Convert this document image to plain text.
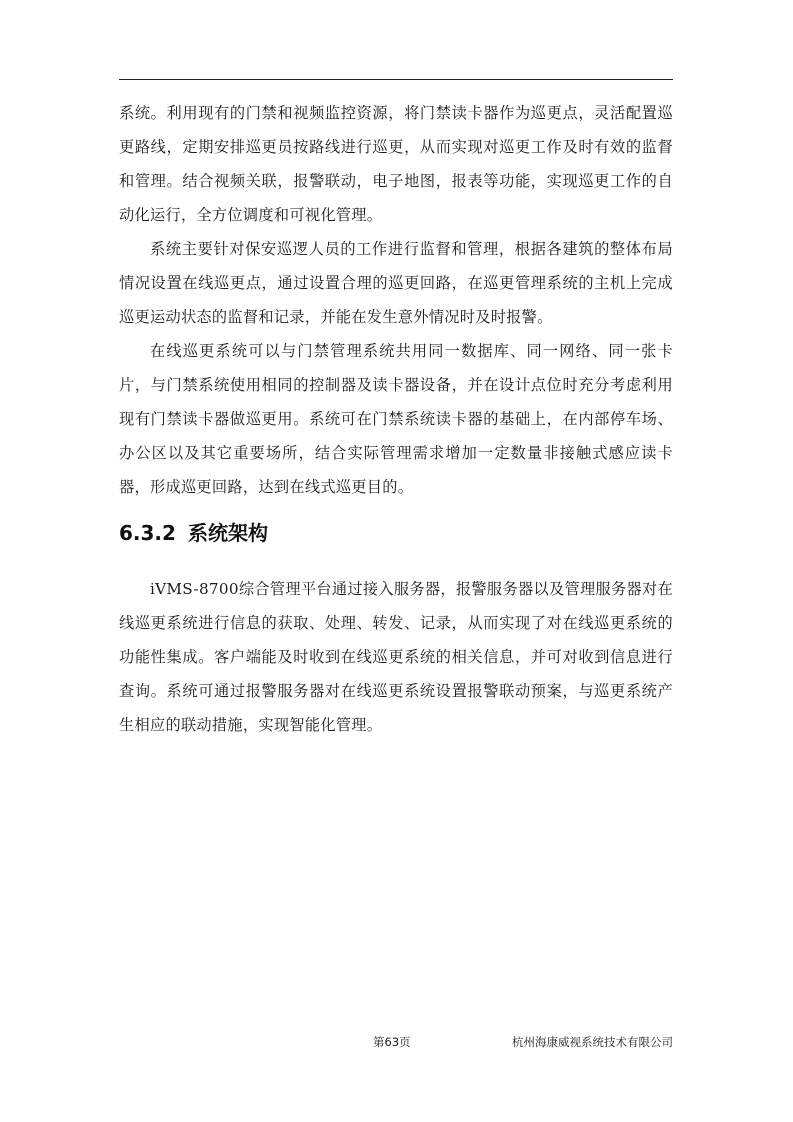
系统。利用现有的门禁和视频监控资源，将门禁读卡器作为巡更点，灵活配置巡更路线，定期安排巡更员按路线进行巡更，从而实现对巡更工作及时有效的监督和管理。结合视频关联，报警联动，电子地图，报表等功能，实现巡更工作的自动化运行，全方位调度和可视化管理。

系统主要针对保安巡逻人员的工作进行监督和管理，根据各建筑的整体布局情况设置在线巡更点，通过设置合理的巡更回路，在巡更管理系统的主机上完成巡更运动状态的监督和记录，并能在发生意外情况时及时报警。

在线巡更系统可以与门禁管理系统共用同一数据库、同一网络、同一张卡片，与门禁系统使用相同的控制器及读卡器设备，并在设计点位时充分考虑利用现有门禁读卡器做巡更用。系统可在门禁系统读卡器的基础上，在内部停车场、办公区以及其它重要场所，结合实际管理需求增加一定数量非接触式感应读卡器，形成巡更回路，达到在线式巡更目的。

6.3.2 系统架构

iVMS-8700综合管理平台通过接入服务器，报警服务器以及管理服务器对在线巡更系统进行信息的获取、处理、转发、记录，从而实现了对在线巡更系统的功能性集成。客户端能及时收到在线巡更系统的相关信息，并可对收到信息进行查询。系统可通过报警服务器对在线巡更系统设置报警联动预案，与巡更系统产生相应的联动措施，实现智能化管理。

第63页	杭州海康威视系统技术有限公司
